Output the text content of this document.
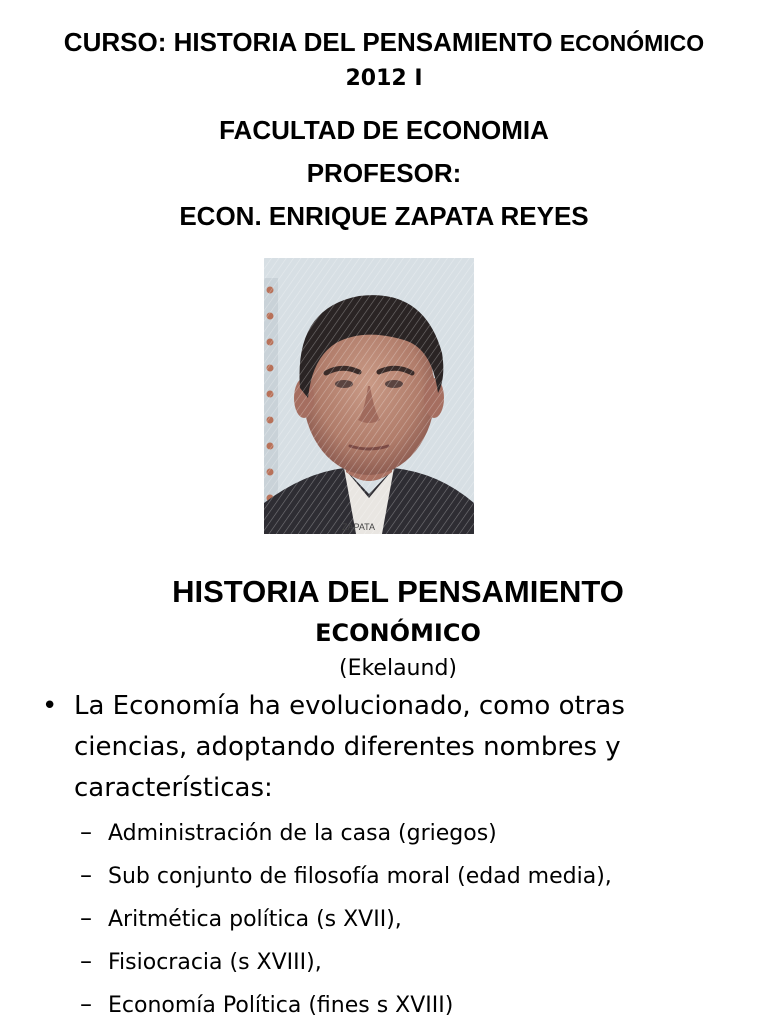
CURSO: HISTORIA DEL PENSAMIENTO ECONÓMICO
2012 I
FACULTAD DE ECONOMIA
PROFESOR:
ECON. ENRIQUE ZAPATA REYES
ZAPATA
HISTORIA DEL PENSAMIENTO
ECONÓMICO
(Ekelaund)
• La Economía ha evolucionado, como otras ciencias, adoptando diferentes nombres y características:
– Administración de la casa (griegos)
– Sub conjunto de filosofía moral (edad media),
– Aritmética política (s XVII),
– Fisiocracia (s XVIII),
– Economía Política (fines s XVIII)
